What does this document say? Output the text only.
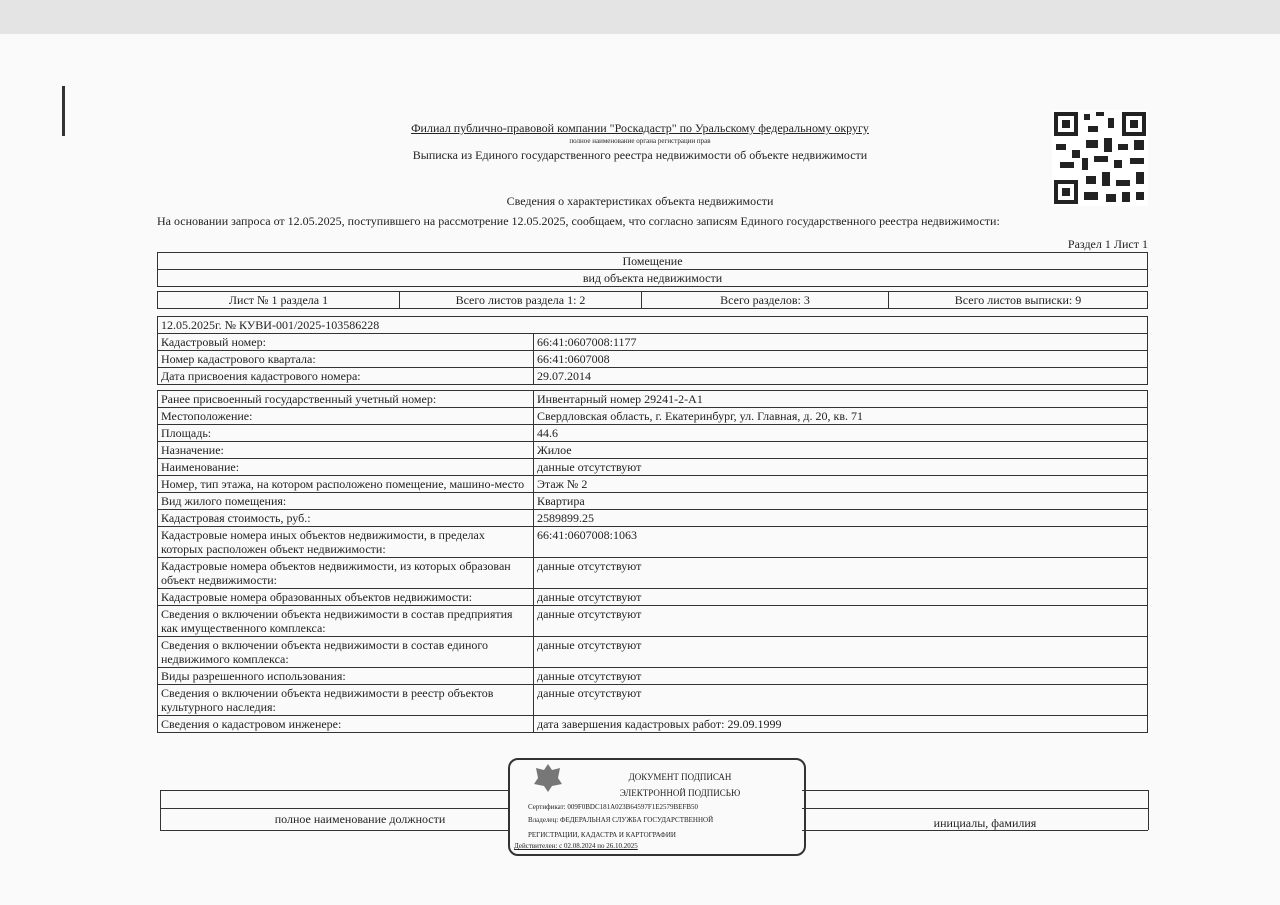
Филиал публично-правовой компании "Роскадастр" по Уральскому федеральному округу
полное наименование органа регистрации прав
Выписка из Единого государственного реестра недвижимости об объекте недвижимости
Сведения о характеристиках объекта недвижимости
На основании запроса от 12.05.2025, поступившего на рассмотрение 12.05.2025, сообщаем, что согласно записям Единого государственного реестра недвижимости:
Раздел 1 Лист 1
Помещение
вид объекта недвижимости
Лист № 1 раздела 1	Всего листов раздела 1: 2	Всего разделов: 3	Всего листов выписки: 9
12.05.2025г. № КУВИ-001/2025-103586228	
Кадастровый номер:	66:41:0607008:1177
Номер кадастрового квартала:	66:41:0607008
Дата присвоения кадастрового номера:	29.07.2014
Ранее присвоенный государственный учетный номер:	Инвентарный номер 29241-2-А1
Местоположение:	Свердловская область, г. Екатеринбург, ул. Главная, д. 20, кв. 71
Площадь:	44.6
Назначение:	Жилое
Наименование:	данные отсутствуют
Номер, тип этажа, на котором расположено помещение, машино-место	Этаж № 2
Вид жилого помещения:	Квартира
Кадастровая стоимость, руб.:	2589899.25
Кадастровые номера иных объектов недвижимости, в пределах которых расположен объект недвижимости:	66:41:0607008:1063
Кадастровые номера объектов недвижимости, из которых образован объект недвижимости:	данные отсутствуют
Кадастровые номера образованных объектов недвижимости:	данные отсутствуют
Сведения о включении объекта недвижимости в состав предприятия как имущественного комплекса:	данные отсутствуют
Сведения о включении объекта недвижимости в состав единого недвижимого комплекса:	данные отсутствуют
Виды разрешенного использования:	данные отсутствуют
Сведения о включении объекта недвижимости в реестр объектов культурного наследия:	данные отсутствуют
Сведения о кадастровом инженере:	дата завершения кадастровых работ: 29.09.1999
полное наименование должности	инициалы, фамилия
ДОКУМЕНТ ПОДПИСАН
ЭЛЕКТРОННОЙ ПОДПИСЬЮ
Сертификат: 009F0BDC181A023B64597F1E2579BEFB50
Владелец: ФЕДЕРАЛЬНАЯ СЛУЖБА ГОСУДАРСТВЕННОЙ
РЕГИСТРАЦИИ, КАДАСТРА И КАРТОГРАФИИ
Действителен: с 02.08.2024 по 26.10.2025
